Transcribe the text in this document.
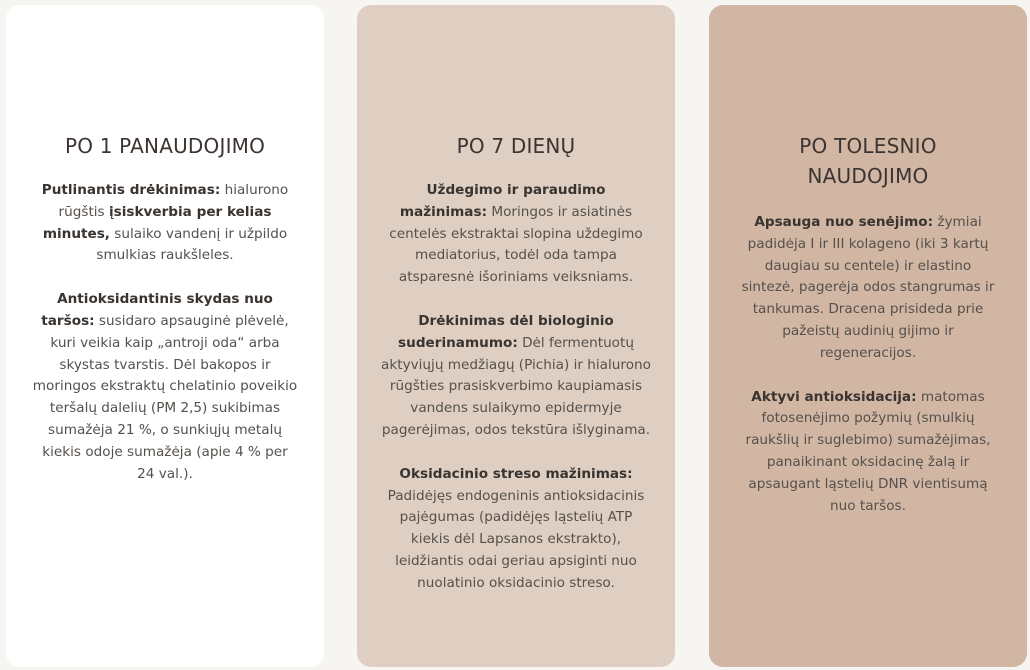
PO 1 PANAUDOJIMO

Putlinantis drėkinimas: hialurono rūgštis įsiskverbia per kelias minutes, sulaiko vandenį ir užpildo smulkias raukšleles.

Antioksidantinis skydas nuo taršos: susidaro apsauginė plėvelė, kuri veikia kaip „antroji oda“ arba skystas tvarstis. Dėl bakopos ir moringos ekstraktų chelatinio poveikio teršalų dalelių (PM 2,5) sukibimas sumažėja 21 %, o sunkiųjų metalų kiekis odoje sumažėja (apie 4 % per 24 val.).

PO 7 DIENŲ

Uždegimo ir paraudimo mažinimas: Moringos ir asiatinės centelės ekstraktai slopina uždegimo mediatorius, todėl oda tampa atsparesnė išoriniams veiksniams.

Drėkinimas dėl biologinio suderinamumo: Dėl fermentuotų aktyviųjų medžiagų (Pichia) ir hialurono rūgšties prasiskverbimo kaupiamasis vandens sulaikymo epidermyje pagerėjimas, odos tekstūra išlyginama.

Oksidacinio streso mažinimas: Padidėjęs endogeninis antioksidacinis pajėgumas (padidėjęs ląstelių ATP kiekis dėl Lapsanos ekstrakto), leidžiantis odai geriau apsiginti nuo nuolatinio oksidacinio streso.

PO TOLESNIO NAUDOJIMO

Apsauga nuo senėjimo: žymiai padidėja I ir III kolageno (iki 3 kartų daugiau su centele) ir elastino sintezė, pagerėja odos stangrumas ir tankumas. Dracena prisideda prie pažeistų audinių gijimo ir regeneracijos.

Aktyvi antioksidacija: matomas fotosenėjimo požymių (smulkių raukšlių ir suglebimo) sumažėjimas, panaikinant oksidacinę žalą ir apsaugant ląstelių DNR vientisumą nuo taršos.
